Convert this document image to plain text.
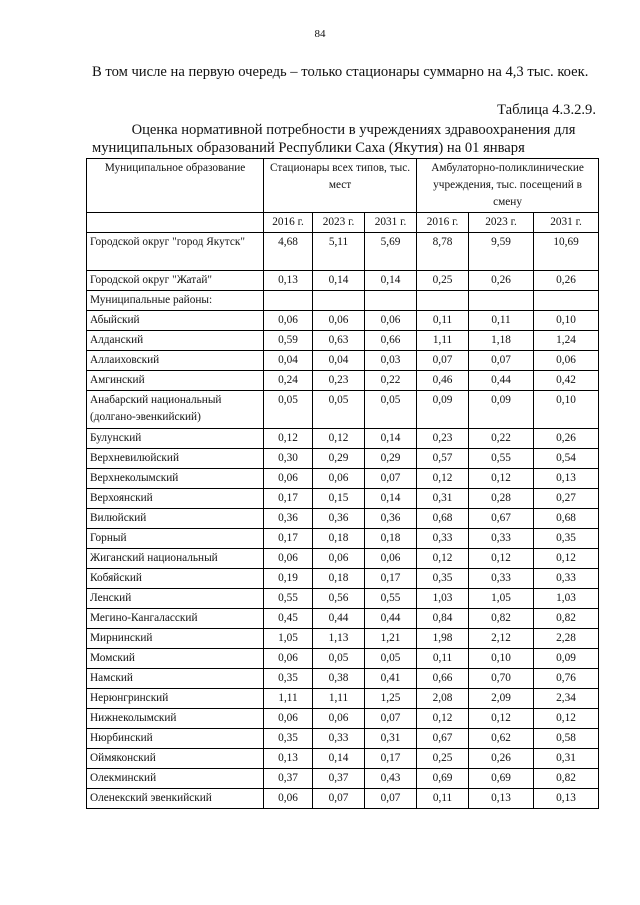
84
В том числе на первую очередь – только стационары суммарно на 4,3 тыс. коек.
Таблица 4.3.2.9.
Оценка нормативной потребности в учреждениях здравоохранения для
муниципальных образований Республики Саха (Якутия) на 01 января
Муниципальное образование	Стационары всех типов, тыс. мест			Амбулаторно-поликлинические учреждения, тыс. посещений в смену		
	2016 г.	2023 г.	2031 г.	2016 г.	2023 г.	2031 г.
Городской округ "город Якутск"	4,68	5,11	5,69	8,78	9,59	10,69
Городской округ "Жатай"	0,13	0,14	0,14	0,25	0,26	0,26
Муниципальные районы:						
Абыйский	0,06	0,06	0,06	0,11	0,11	0,10
Алданский	0,59	0,63	0,66	1,11	1,18	1,24
Аллаиховский	0,04	0,04	0,03	0,07	0,07	0,06
Амгинский	0,24	0,23	0,22	0,46	0,44	0,42
Анабарский национальный (долгано-эвенкийский)	0,05	0,05	0,05	0,09	0,09	0,10
Булунский	0,12	0,12	0,14	0,23	0,22	0,26
Верхневилюйский	0,30	0,29	0,29	0,57	0,55	0,54
Верхнеколымский	0,06	0,06	0,07	0,12	0,12	0,13
Верхоянский	0,17	0,15	0,14	0,31	0,28	0,27
Вилюйский	0,36	0,36	0,36	0,68	0,67	0,68
Горный	0,17	0,18	0,18	0,33	0,33	0,35
Жиганский национальный	0,06	0,06	0,06	0,12	0,12	0,12
Кобяйский	0,19	0,18	0,17	0,35	0,33	0,33
Ленский	0,55	0,56	0,55	1,03	1,05	1,03
Мегино-Кангаласский	0,45	0,44	0,44	0,84	0,82	0,82
Мирнинский	1,05	1,13	1,21	1,98	2,12	2,28
Момский	0,06	0,05	0,05	0,11	0,10	0,09
Намский	0,35	0,38	0,41	0,66	0,70	0,76
Нерюнгринский	1,11	1,11	1,25	2,08	2,09	2,34
Нижнеколымский	0,06	0,06	0,07	0,12	0,12	0,12
Нюрбинский	0,35	0,33	0,31	0,67	0,62	0,58
Оймяконский	0,13	0,14	0,17	0,25	0,26	0,31
Олекминский	0,37	0,37	0,43	0,69	0,69	0,82
Оленекский эвенкийский	0,06	0,07	0,07	0,11	0,13	0,13
